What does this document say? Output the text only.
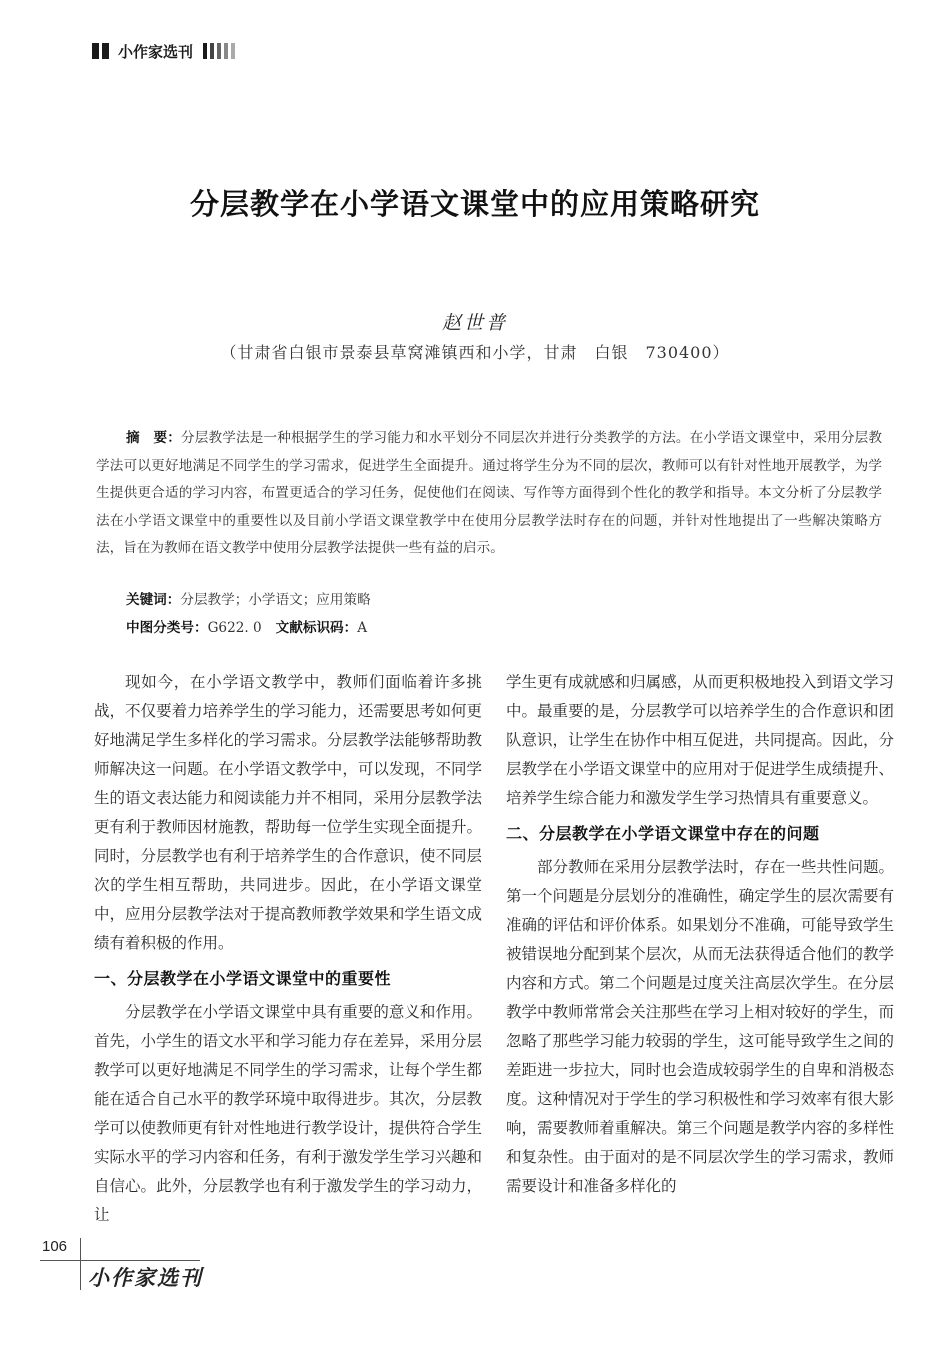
小作家选刊
分层教学在小学语文课堂中的应用策略研究
赵世普
（甘肃省白银市景泰县草窝滩镇西和小学，甘肃　白银　730400）
摘　要：分层教学法是一种根据学生的学习能力和水平划分不同层次并进行分类教学的方法。在小学语文课堂中，采用分层教学法可以更好地满足不同学生的学习需求，促进学生全面提升。通过将学生分为不同的层次，教师可以有针对性地开展教学，为学生提供更合适的学习内容，布置更适合的学习任务，促使他们在阅读、写作等方面得到个性化的教学和指导。本文分析了分层教学法在小学语文课堂中的重要性以及目前小学语文课堂教学中在使用分层教学法时存在的问题，并针对性地提出了一些解决策略方法，旨在为教师在语文教学中使用分层教学法提供一些有益的启示。
关键词：分层教学；小学语文；应用策略
中图分类号：G622. 0 文献标识码：A

现如今，在小学语文教学中，教师们面临着许多挑战，不仅要着力培养学生的学习能力，还需要思考如何更好地满足学生多样化的学习需求。分层教学法能够帮助教师解决这一问题。在小学语文教学中，可以发现，不同学生的语文表达能力和阅读能力并不相同，采用分层教学法更有利于教师因材施教，帮助每一位学生实现全面提升。同时，分层教学也有利于培养学生的合作意识，使不同层次的学生相互帮助，共同进步。因此，在小学语文课堂中，应用分层教学法对于提高教师教学效果和学生语文成绩有着积极的作用。

一、分层教学在小学语文课堂中的重要性

分层教学在小学语文课堂中具有重要的意义和作用。首先，小学生的语文水平和学习能力存在差异，采用分层教学可以更好地满足不同学生的学习需求，让每个学生都能在适合自己水平的教学环境中取得进步。其次，分层教学可以使教师更有针对性地进行教学设计，提供符合学生实际水平的学习内容和任务，有利于激发学生学习兴趣和自信心。此外，分层教学也有利于激发学生的学习动力，让

学生更有成就感和归属感，从而更积极地投入到语文学习中。最重要的是，分层教学可以培养学生的合作意识和团队意识，让学生在协作中相互促进，共同提高。因此，分层教学在小学语文课堂中的应用对于促进学生成绩提升、培养学生综合能力和激发学生学习热情具有重要意义。

二、分层教学在小学语文课堂中存在的问题

部分教师在采用分层教学法时，存在一些共性问题。第一个问题是分层划分的准确性，确定学生的层次需要有准确的评估和评价体系。如果划分不准确，可能导致学生被错误地分配到某个层次，从而无法获得适合他们的教学内容和方式。第二个问题是过度关注高层次学生。在分层教学中教师常常会关注那些在学习上相对较好的学生，而忽略了那些学习能力较弱的学生，这可能导致学生之间的差距进一步拉大，同时也会造成较弱学生的自卑和消极态度。这种情况对于学生的学习积极性和学习效率有很大影响，需要教师着重解决。第三个问题是教学内容的多样性和复杂性。由于面对的是不同层次学生的学习需求，教师需要设计和准备多样化的

106
小作家选刊
